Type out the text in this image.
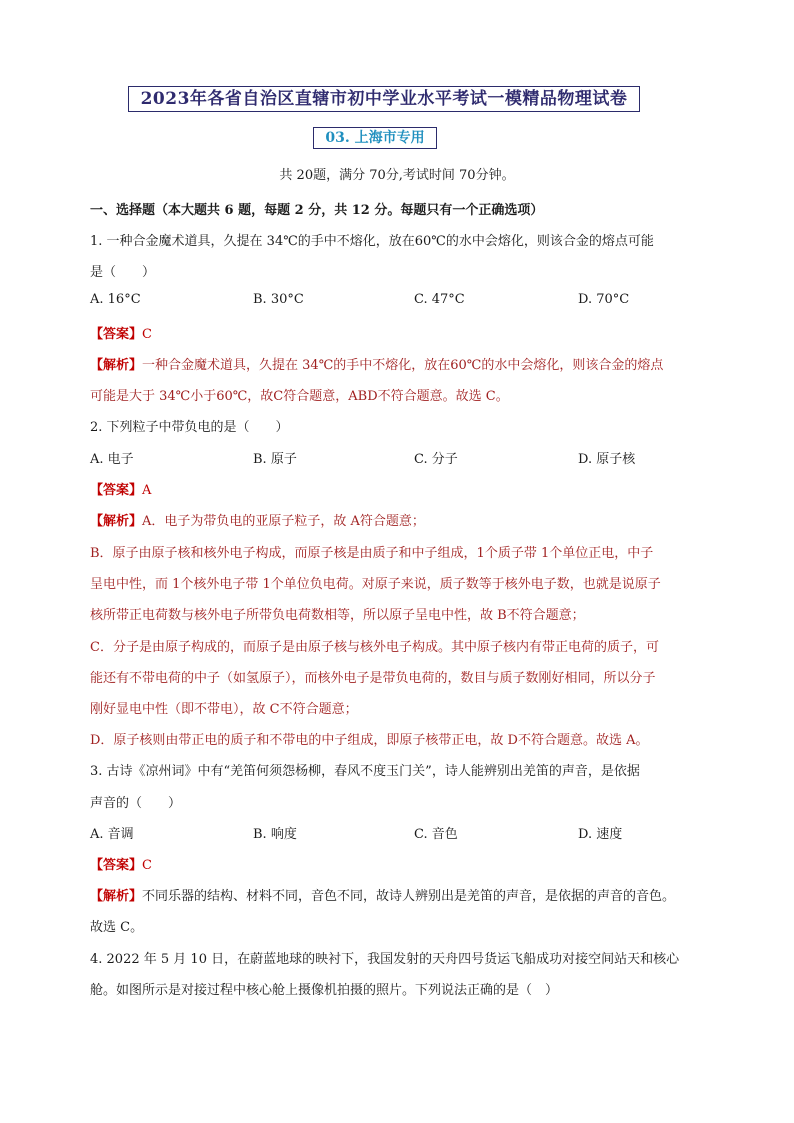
2023年各省自治区直辖市初中学业水平考试一模精品物理试卷
03. 上海市专用
共 20题，满分 70分,考试时间 70分钟。
一、选择题（本大题共 6 题，每题 2 分，共 12 分。每题只有一个正确选项）
1. 一种合金魔术道具，久提在 34℃的手中不熔化，放在60℃的水中会熔化，则该合金的熔点可能
是（　　）
A. 16°C	B. 30°C	C. 47°C	D. 70°C
【答案】C
【解析】一种合金魔术道具，久提在 34℃的手中不熔化，放在60℃的水中会熔化，则该合金的熔点
可能是大于 34℃小于60℃，故C符合题意，ABD不符合题意。故选 C。
2. 下列粒子中带负电的是（　　）
A. 电子	B. 原子	C. 分子	D. 原子核
【答案】A
【解析】A．电子为带负电的亚原子粒子，故 A符合题意；
B．原子由原子核和核外电子构成，而原子核是由质子和中子组成，1个质子带 1个单位正电，中子
呈电中性，而 1个核外电子带 1个单位负电荷。对原子来说，质子数等于核外电子数，也就是说原子
核所带正电荷数与核外电子所带负电荷数相等，所以原子呈电中性，故 B不符合题意；
C．分子是由原子构成的，而原子是由原子核与核外电子构成。其中原子核内有带正电荷的质子，可
能还有不带电荷的中子（如氢原子），而核外电子是带负电荷的，数目与质子数刚好相同，所以分子
刚好显电中性（即不带电），故 C不符合题意；
D．原子核则由带正电的质子和不带电的中子组成，即原子核带正电，故 D不符合题意。故选 A。
3. 古诗《凉州词》中有“羌笛何须怨杨柳，春风不度玉门关”，诗人能辨别出羌笛的声音，是依据
声音的（　　）
A. 音调	B. 响度	C. 音色	D. 速度
【答案】C
【解析】不同乐器的结构、材料不同，音色不同，故诗人辨别出是羌笛的声音，是依据的声音的音色。
故选 C。
4. 2022 年 5 月 10 日，在蔚蓝地球的映衬下，我国发射的天舟四号货运飞船成功对接空间站天和核心
舱。如图所示是对接过程中核心舱上摄像机拍摄的照片。下列说法正确的是（　）
